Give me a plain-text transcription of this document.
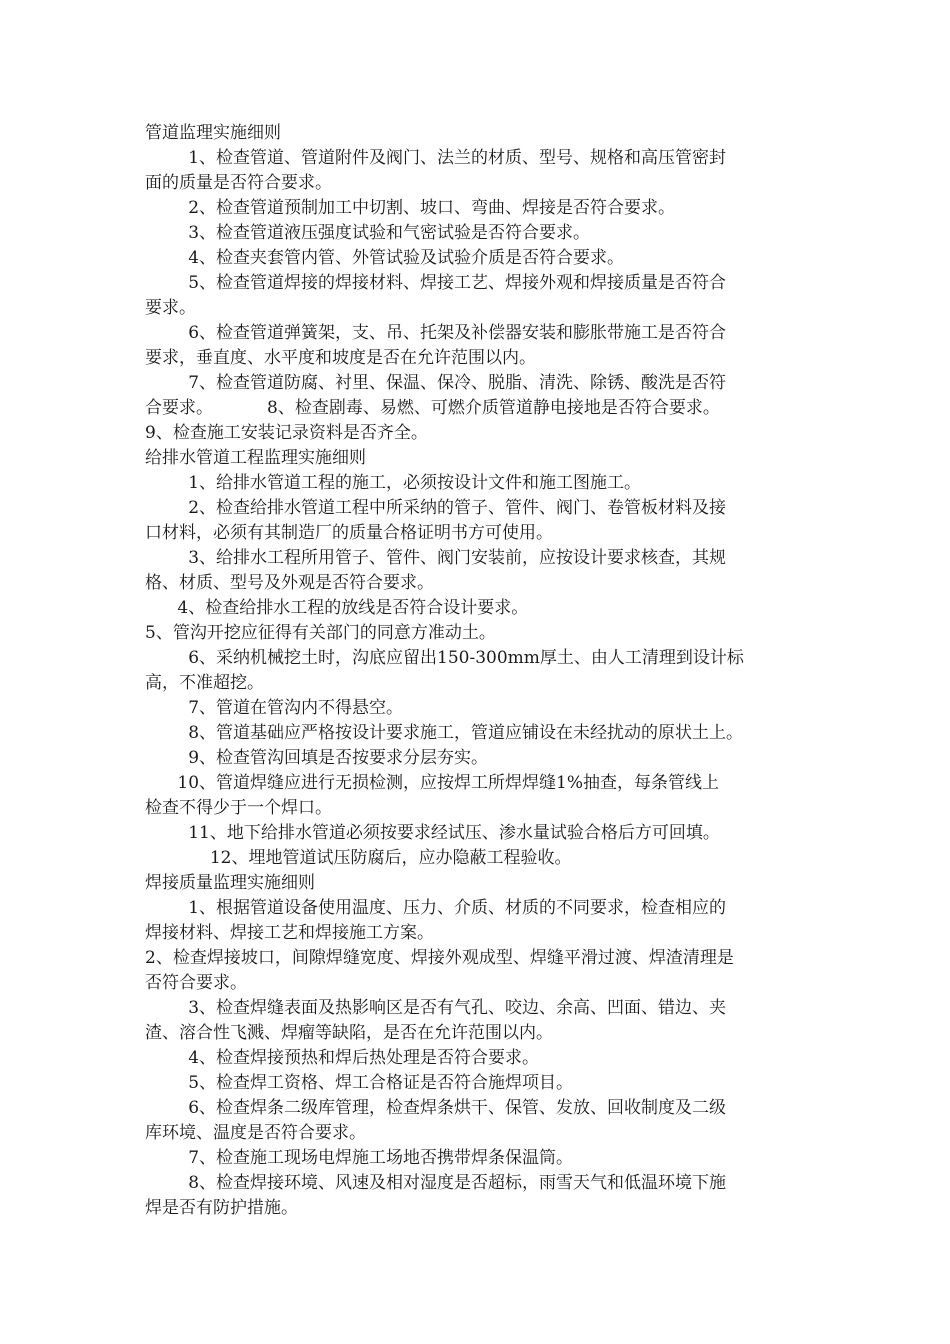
管道监理实施细则
1、检查管道、管道附件及阀门、法兰的材质、型号、规格和高压管密封
面的质量是否符合要求。
2、检查管道预制加工中切割、坡口、弯曲、焊接是否符合要求。
3、检查管道液压强度试验和气密试验是否符合要求。
4、检查夹套管内管、外管试验及试验介质是否符合要求。
5、检查管道焊接的焊接材料、焊接工艺、焊接外观和焊接质量是否符合
要求。
6、检查管道弹簧架，支、吊、托架及补偿器安装和膨胀带施工是否符合
要求，垂直度、水平度和坡度是否在允许范围以内。
7、检查管道防腐、衬里、保温、保冷、脱脂、清洗、除锈、酸洗是否符
合要求。          8、检查剧毒、易燃、可燃介质管道静电接地是否符合要求。
9、检查施工安装记录资料是否齐全。
给排水管道工程监理实施细则
1、给排水管道工程的施工，必须按设计文件和施工图施工。
2、检查给排水管道工程中所采纳的管子、管件、阀门、卷管板材料及接
口材料，必须有其制造厂的质量合格证明书方可使用。
3、给排水工程所用管子、管件、阀门安装前，应按设计要求核查，其规
格、材质、型号及外观是否符合要求。
4、检查给排水工程的放线是否符合设计要求。
5、管沟开挖应征得有关部门的同意方准动土。
6、采纳机械挖土时，沟底应留出150-300mm厚土、由人工清理到设计标
高，不准超挖。
7、管道在管沟内不得悬空。
8、管道基础应严格按设计要求施工，管道应铺设在未经扰动的原状土上。
9、检查管沟回填是否按要求分层夯实。
10、管道焊缝应进行无损检测，应按焊工所焊焊缝1%抽查，每条管线上
检查不得少于一个焊口。
11、地下给排水管道必须按要求经试压、渗水量试验合格后方可回填。
12、埋地管道试压防腐后，应办隐蔽工程验收。
焊接质量监理实施细则
1、根据管道设备使用温度、压力、介质、材质的不同要求，检查相应的
焊接材料、焊接工艺和焊接施工方案。
2、检查焊接坡口，间隙焊缝宽度、焊接外观成型、焊缝平滑过渡、焊渣清理是
否符合要求。
3、检查焊缝表面及热影响区是否有气孔、咬边、余高、凹面、错边、夹
渣、溶合性飞溅、焊瘤等缺陷，是否在允许范围以内。
4、检查焊接预热和焊后热处理是否符合要求。
5、检查焊工资格、焊工合格证是否符合施焊项目。
6、检查焊条二级库管理，检查焊条烘干、保管、发放、回收制度及二级
库环境、温度是否符合要求。
7、检查施工现场电焊施工场地否携带焊条保温筒。
8、检查焊接环境、风速及相对湿度是否超标，雨雪天气和低温环境下施
焊是否有防护措施。
